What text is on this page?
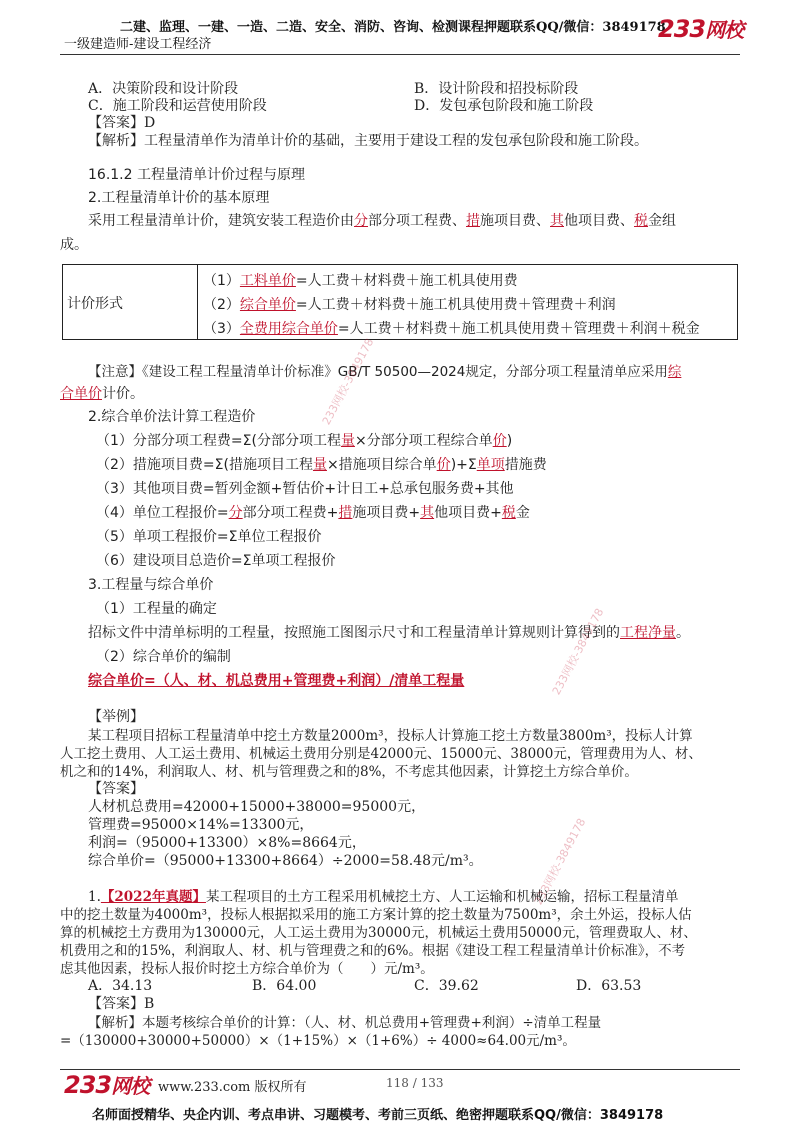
二建、监理、一建、一造、二造、安全、消防、咨询、检测课程押题联系QQ/微信：3849178
一级建造师-建设工程经济
233网校
A．决策阶段和设计阶段	B．设计阶段和招投标阶段
C．施工阶段和运营使用阶段	D．发包承包阶段和施工阶段
【答案】D
【解析】工程量清单作为清单计价的基础，主要用于建设工程的发包承包阶段和施工阶段。
16.1.2 工程量清单计价过程与原理
2.工程量清单计价的基本原理
采用工程量清单计价，建筑安装工程造价由分部分项工程费、措施项目费、其他项目费、税金组
成。
计价形式
（1）工料单价=人工费＋材料费＋施工机具使用费
（2）综合单价=人工费＋材料费＋施工机具使用费＋管理费＋利润
（3）全费用综合单价=人工费＋材料费＋施工机具使用费＋管理费＋利润＋税金
【注意】《建设工程工程量清单计价标准》GB/T 50500—2024规定，分部分项工程量清单应采用综
合单价计价。
2.综合单价法计算工程造价
（1）分部分项工程费=Σ(分部分项工程量×分部分项工程综合单价)
（2）措施项目费=Σ(措施项目工程量×措施项目综合单价)+Σ单项措施费
（3）其他项目费=暂列金额+暂估价+计日工+总承包服务费+其他
（4）单位工程报价=分部分项工程费+措施项目费+其他项目费+税金
（5）单项工程报价=Σ单位工程报价
（6）建设项目总造价=Σ单项工程报价
3.工程量与综合单价
（1）工程量的确定
招标文件中清单标明的工程量，按照施工图图示尺寸和工程量清单计算规则计算得到的工程净量。
（2）综合单价的编制
综合单价=（人、材、机总费用+管理费+利润）/清单工程量
【举例】
某工程项目招标工程量清单中挖土方数量2000m³，投标人计算施工挖土方数量3800m³，投标人计算
人工挖土费用、人工运土费用、机械运土费用分别是42000元、15000元、38000元，管理费用为人、材、
机之和的14%，利润取人、材、机与管理费之和的8%，不考虑其他因素，计算挖土方综合单价。
【答案】
人材机总费用=42000+15000+38000=95000元，
管理费=95000×14%=13300元，
利润=（95000+13300）×8%=8664元，
综合单价=（95000+13300+8664）÷2000=58.48元/m³。
1.【2022年真题】某工程项目的土方工程采用机械挖土方、人工运输和机械运输，招标工程量清单
中的挖土数量为4000m³，投标人根据拟采用的施工方案计算的挖土数量为7500m³，余土外运，投标人估
算的机械挖土方费用为130000元，人工运土费用为30000元，机械运土费用50000元，管理费取人、材、
机费用之和的15%，利润取人、材、机与管理费之和的6%。根据《建设工程工程量清单计价标准》，不考
虑其他因素，投标人报价时挖土方综合单价为（　　）元/m³。
A．34.13	B．64.00	C．39.62	D．63.53
【答案】B
【解析】本题考核综合单价的计算：（人、材、机总费用+管理费+利润）÷清单工程量
=（130000+30000+50000）×（1+15%）×（1+6%）÷ 4000≈64.00元/m³。
233网校-3849178
233网校-3849178
233网校-3849178
233网校 www.233.com 版权所有	118 / 133
名师面授精华、央企内训、考点串讲、习题模考、考前三页纸、绝密押题联系QQ/微信：3849178
